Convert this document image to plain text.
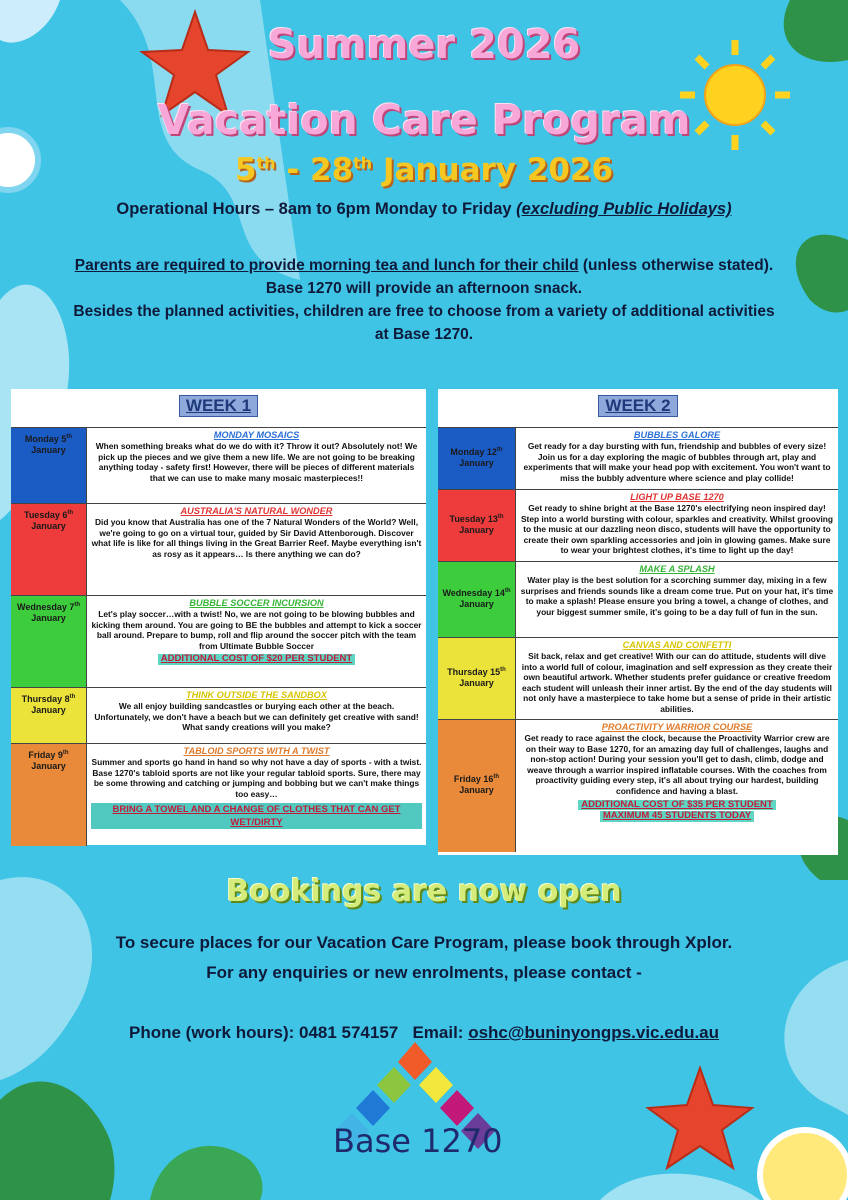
Summer 2026
Vacation Care Program
5th - 28th January 2026
Operational Hours – 8am to 6pm Monday to Friday (excluding Public Holidays)
Parents are required to provide morning tea and lunch for their child (unless otherwise stated).
Base 1270 will provide an afternoon snack.
Besides the planned activities, children are free to choose from a variety of additional activities
at Base 1270.
WEEK 1
Monday 5th
January
MONDAY MOSAICS
When something breaks what do we do with it? Throw it out? Absolutely not! We pick up the pieces and we give them a new life. We are not going to be breaking anything today - safety first! However, there will be pieces of different materials that we can use to make many mosaic masterpieces!!
Tuesday 6th
January
AUSTRALIA'S NATURAL WONDER
Did you know that Australia has one of the 7 Natural Wonders of the World? Well, we're going to go on a virtual tour, guided by Sir David Attenborough. Discover what life is like for all things living in the Great Barrier Reef. Maybe everything isn't as rosy as it appears… Is there anything we can do?
Wednesday 7th
January
BUBBLE SOCCER INCURSION
Let's play soccer…with a twist! No, we are not going to be blowing bubbles and kicking them around. You are going to BE the bubbles and attempt to kick a soccer ball around. Prepare to bump, roll and flip around the soccer pitch with the team from Ultimate Bubble Soccer
ADDITIONAL COST OF $20 PER STUDENT
Thursday 8th
January
THINK OUTSIDE THE SANDBOX
We all enjoy building sandcastles or burying each other at the beach. Unfortunately, we don't have a beach but we can definitely get creative with sand! What sandy creations will you make?
Friday 9th
January
TABLOID SPORTS WITH A TWIST
Summer and sports go hand in hand so why not have a day of sports - with a twist. Base 1270's tabloid sports are not like your regular tabloid sports. Sure, there may be some throwing and catching or jumping and bobbing but we can't make things too easy…
BRING A TOWEL AND A CHANGE OF CLOTHES THAT CAN GET WET/DIRTY
WEEK 2
Monday 12th
January
BUBBLES GALORE
Get ready for a day bursting with fun, friendship and bubbles of every size! Join us for a day exploring the magic of bubbles through art, play and experiments that will make your head pop with excitement. You won't want to miss the bubbly adventure where science and play collide!
Tuesday 13th
January
LIGHT UP BASE 1270
Get ready to shine bright at the Base 1270's electrifying neon inspired day! Step into a world bursting with colour, sparkles and creativity. Whilst grooving to the music at our dazzling neon disco, students will have the opportunity to create their own sparkling accessories and join in glowing games. Make sure to wear your brightest clothes, it's time to light up the day!
Wednesday 14th
January
MAKE A SPLASH
Water play is the best solution for a scorching summer day, mixing in a few surprises and friends sounds like a dream come true. Put on your hat, it's time to make a splash! Please ensure you bring a towel, a change of clothes, and your biggest summer smile, it's going to be a day full of fun in the sun.
Thursday 15th
January
CANVAS AND CONFETTI
Sit back, relax and get creative! With our can do attitude, students will dive into a world full of colour, imagination and self expression as they create their own beautiful artwork. Whether students prefer guidance or creative freedom each student will unleash their inner artist. By the end of the day students will not only have a masterpiece to take home but a sense of pride in their artistic abilities.
Friday 16th
January
PROACTIVITY WARRIOR COURSE
Get ready to race against the clock, because the Proactivity Warrior crew are on their way to Base 1270, for an amazing day full of challenges, laughs and non-stop action! During your session you'll get to dash, climb, dodge and weave through a warrior inspired inflatable courses. With the coaches from proactivity guiding every step, it's all about trying our hardest, building confidence and having a blast.
ADDITIONAL COST OF $35 PER STUDENT
MAXIMUM 45 STUDENTS TODAY
Bookings are now open
To secure places for our Vacation Care Program, please book through Xplor.
For any enquiries or new enrolments, please contact -
Phone (work hours): 0481 574157 Email: oshc@buninyongps.vic.edu.au
Base 1270
